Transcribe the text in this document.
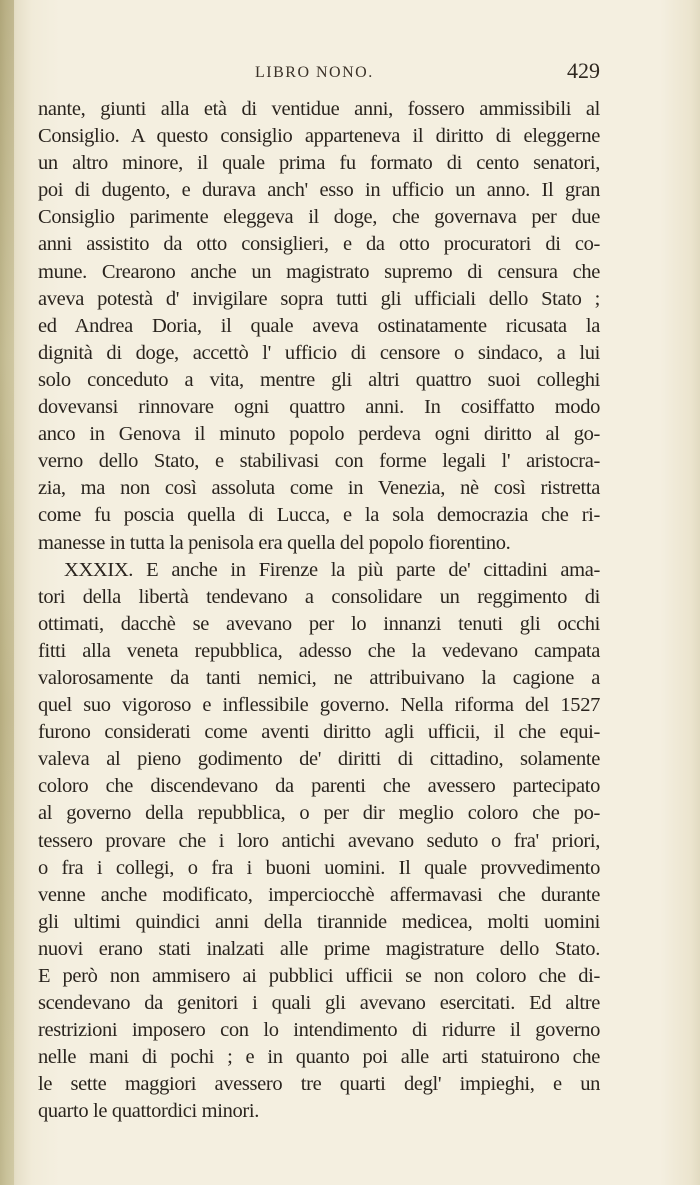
LIBRO NONO.	429
nante, giunti alla età di ventidue anni, fossero ammissibili al
Consiglio. A questo consiglio apparteneva il diritto di eleggerne
un altro minore, il quale prima fu formato di cento senatori,
poi di dugento, e durava anch' esso in ufficio un anno. Il gran
Consiglio parimente eleggeva il doge, che governava per due
anni assistito da otto consiglieri, e da otto procuratori di co-
mune. Crearono anche un magistrato supremo di censura che
aveva potestà d' invigilare sopra tutti gli ufficiali dello Stato ;
ed Andrea Doria, il quale aveva ostinatamente ricusata la
dignità di doge, accettò l' ufficio di censore o sindaco, a lui
solo conceduto a vita, mentre gli altri quattro suoi colleghi
dovevansi rinnovare ogni quattro anni. In cosiffatto modo
anco in Genova il minuto popolo perdeva ogni diritto al go-
verno dello Stato, e stabilivasi con forme legali l' aristocra-
zia, ma non così assoluta come in Venezia, nè così ristretta
come fu poscia quella di Lucca, e la sola democrazia che ri-
manesse in tutta la penisola era quella del popolo fiorentino.
XXXIX. E anche in Firenze la più parte de' cittadini ama-
tori della libertà tendevano a consolidare un reggimento di
ottimati, dacchè se avevano per lo innanzi tenuti gli occhi
fitti alla veneta repubblica, adesso che la vedevano campata
valorosamente da tanti nemici, ne attribuivano la cagione a
quel suo vigoroso e inflessibile governo. Nella riforma del 1527
furono considerati come aventi diritto agli ufficii, il che equi-
valeva al pieno godimento de' diritti di cittadino, solamente
coloro che discendevano da parenti che avessero partecipato
al governo della repubblica, o per dir meglio coloro che po-
tessero provare che i loro antichi avevano seduto o fra' priori,
o fra i collegi, o fra i buoni uomini. Il quale provvedimento
venne anche modificato, imperciocchè affermavasi che durante
gli ultimi quindici anni della tirannide medicea, molti uomini
nuovi erano stati inalzati alle prime magistrature dello Stato.
E però non ammisero ai pubblici ufficii se non coloro che di-
scendevano da genitori i quali gli avevano esercitati. Ed altre
restrizioni imposero con lo intendimento di ridurre il governo
nelle mani di pochi ; e in quanto poi alle arti statuirono che
le sette maggiori avessero tre quarti degl' impieghi, e un
quarto le quattordici minori.
